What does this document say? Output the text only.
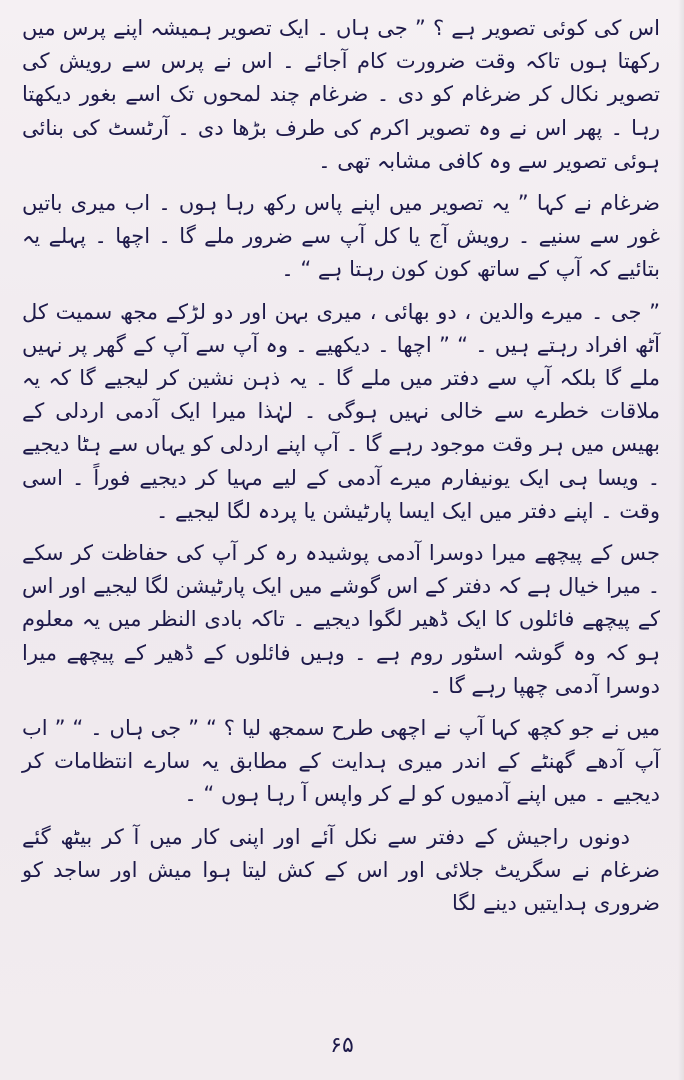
اس کی کوئی تصویر ہے ؟ ” جی ہاں ۔ ایک تصویر ہمیشہ اپنے پرس میں رکھتا ہوں تاکہ وقت ضرورت کام آجائے ۔ اس نے پرس سے رویش کی تصویر نکال کر ضرغام کو دی ۔ ضرغام چند لمحوں تک اسے بغور دیکھتا رہا ۔ پھر اس نے وہ تصویر اکرم کی طرف بڑھا دی ۔ آرٹسٹ کی بنائی ہوئی تصویر سے وہ کافی مشابہ تھی ۔

ضرغام نے کہا ” یہ تصویر میں اپنے پاس رکھ رہا ہوں ۔ اب میری باتیں غور سے سنیے ۔ رویش آج یا کل آپ سے ضرور ملے گا ۔ اچھا ۔ پہلے یہ بتائیے کہ آپ کے ساتھ کون کون رہتا ہے “ ۔

” جی ۔ میرے والدین ، دو بھائی ، میری بہن اور دو لڑکے مجھ سمیت کل آٹھ افراد رہتے ہیں ۔ “ ” اچھا ۔ دیکھیے ۔ وہ آپ سے آپ کے گھر پر نہیں ملے گا بلکہ آپ سے دفتر میں ملے گا ۔ یہ ذہن نشین کر لیجیے گا کہ یہ ملاقات خطرے سے خالی نہیں ہوگی ۔ لہٰذا میرا ایک آدمی اردلی کے بھیس میں ہر وقت موجود رہے گا ۔ آپ اپنے اردلی کو یہاں سے ہٹا دیجیے ۔ ویسا ہی ایک یونیفارم میرے آدمی کے لیے مہیا کر دیجیے فوراً ۔ اسی وقت ۔ اپنے دفتر میں ایک ایسا پارٹیشن یا پردہ لگا لیجیے ۔

جس کے پیچھے میرا دوسرا آدمی پوشیدہ رہ کر آپ کی حفاظت کر سکے ۔ میرا خیال ہے کہ دفتر کے اس گوشے میں ایک پارٹیشن لگا لیجیے اور اس کے پیچھے فائلوں کا ایک ڈھیر لگوا دیجیے ۔ تاکہ بادی النظر میں یہ معلوم ہو کہ وہ گوشہ اسٹور روم ہے ۔ وہیں فائلوں کے ڈھیر کے پیچھے میرا دوسرا آدمی چھپا رہے گا ۔

میں نے جو کچھ کہا آپ نے اچھی طرح سمجھ لیا ؟ “ ” جی ہاں ۔ “ ” اب آپ آدھے گھنٹے کے اندر میری ہدایت کے مطابق یہ سارے انتظامات کر دیجیے ۔ میں اپنے آدمیوں کو لے کر واپس آ رہا ہوں “ ۔

دونوں راجیش کے دفتر سے نکل آئے اور اپنی کار میں آ کر بیٹھ گئے ضرغام نے سگریٹ جلائی اور اس کے کش لیتا ہوا میش اور ساجد کو ضروری ہدایتیں دینے لگا

۶۵
